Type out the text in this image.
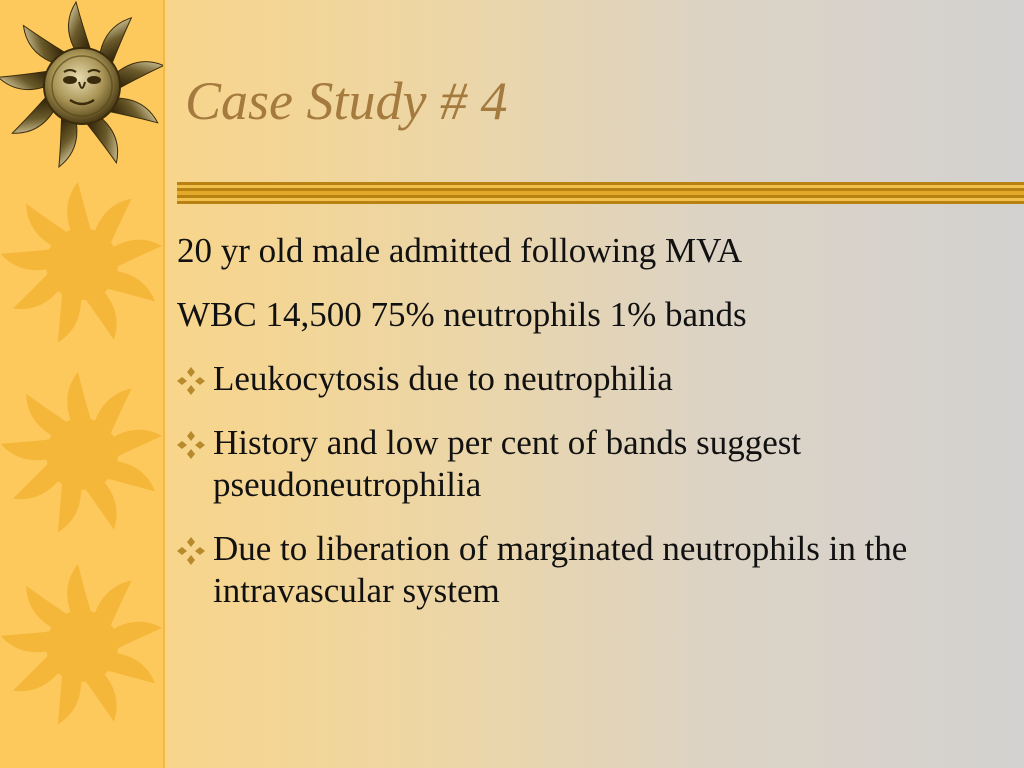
Case Study # 4
20 yr old male admitted following MVA
WBC 14,500 75% neutrophils 1% bands
Leukocytosis due to neutrophilia
History and low per cent of bands suggest pseudoneutrophilia
Due to liberation of marginated neutrophils in the intravascular system
